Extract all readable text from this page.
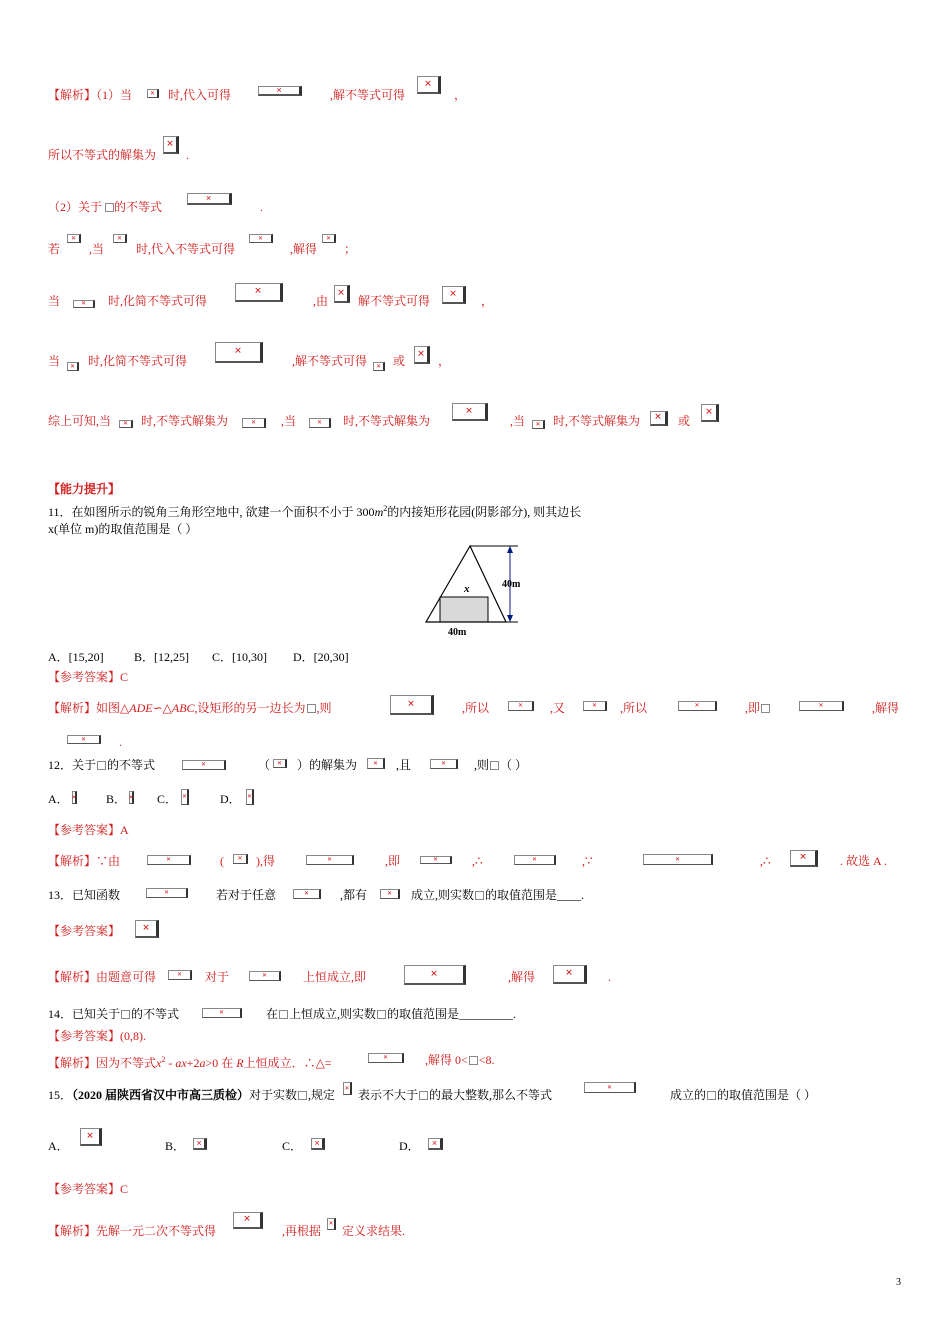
【解析】（1）当 ✕	时,代入可得 ✕	,解不等式可得
✕	，
所以不等式的解集为
✕ .
（2）关于 的不等式
✕	.
若
✕ ,当
✕	时,代入不等式可得
✕	,解得
✕ ；
当 ✕	时,化简不等式可得 ✕	,由 ✕ 解不等式可得 ✕	，
当 ✕ 时,化简不等式可得 ✕	,解不等式可得 ✕ 或 ✕	，
综上可知,当 ✕ 时,不等式解集为 ✕	,当 ✕	时,不等式解集为 ✕	,当 ✕ 时,不等式解集为 ✕	或
✕
【能力提升】
11．在如图所示的锐角三角形空地中, 欲建一个面积不小于 $300m^2$的内接矩形花园(阴影部分), 则其边长
x(单位 m)的取值范围是（ ）
x	40m
40m
A．[15,20]	B．[12,25] C．[10,30] D．[20,30]
【参考答案】C
【解析】如图△ADE∽△ABC,设矩形的另一边长为 ,则 ✕	,所以 ✕	,又 ✕	,所以 ✕	,即 ✕	,解得
✕
.
12．关于 的不等式 ✕	（ ✕ ）的解集为 ✕	,且 ✕	,则 （ ）
A． ✕	B． ✕	C． ✕	D．
✕
【参考答案】A
【解析】∵由 ✕	( ✕	),得 ✕	,即 ✕	,∴ ✕	,∵ ✕	,∴ ✕	. 故选 A .
13．已知函数 ✕	若对于任意 ✕	,都有 ✕	成立,则实数 的取值范围是____.
【参考答案】
✕
【解析】由题意可得 ✕	对于 ✕	上恒成立,即 ✕	,解得 ✕	.
14．已知关于 的不等式 ✕	在 上恒成立,则实数 的取值范围是_________.
【参考答案】(0,8).
【解析】因为不等式$x^2 - ax+2a>0$ 在 R上恒成立．∴△= ✕	,解得 0< <8.
15．（2020 届陕西省汉中市高三质检）对于实数 ,规定 ✕ 表示不大于 的最大整数,那么不等式
✕	成立的 的取值范围是（ ）
A． ✕	B． ✕	C． ✕	D．
✕
【参考答案】C
【解析】先解一元二次不等式得
✕	,再根据 ✕ 定义求结果.
3
